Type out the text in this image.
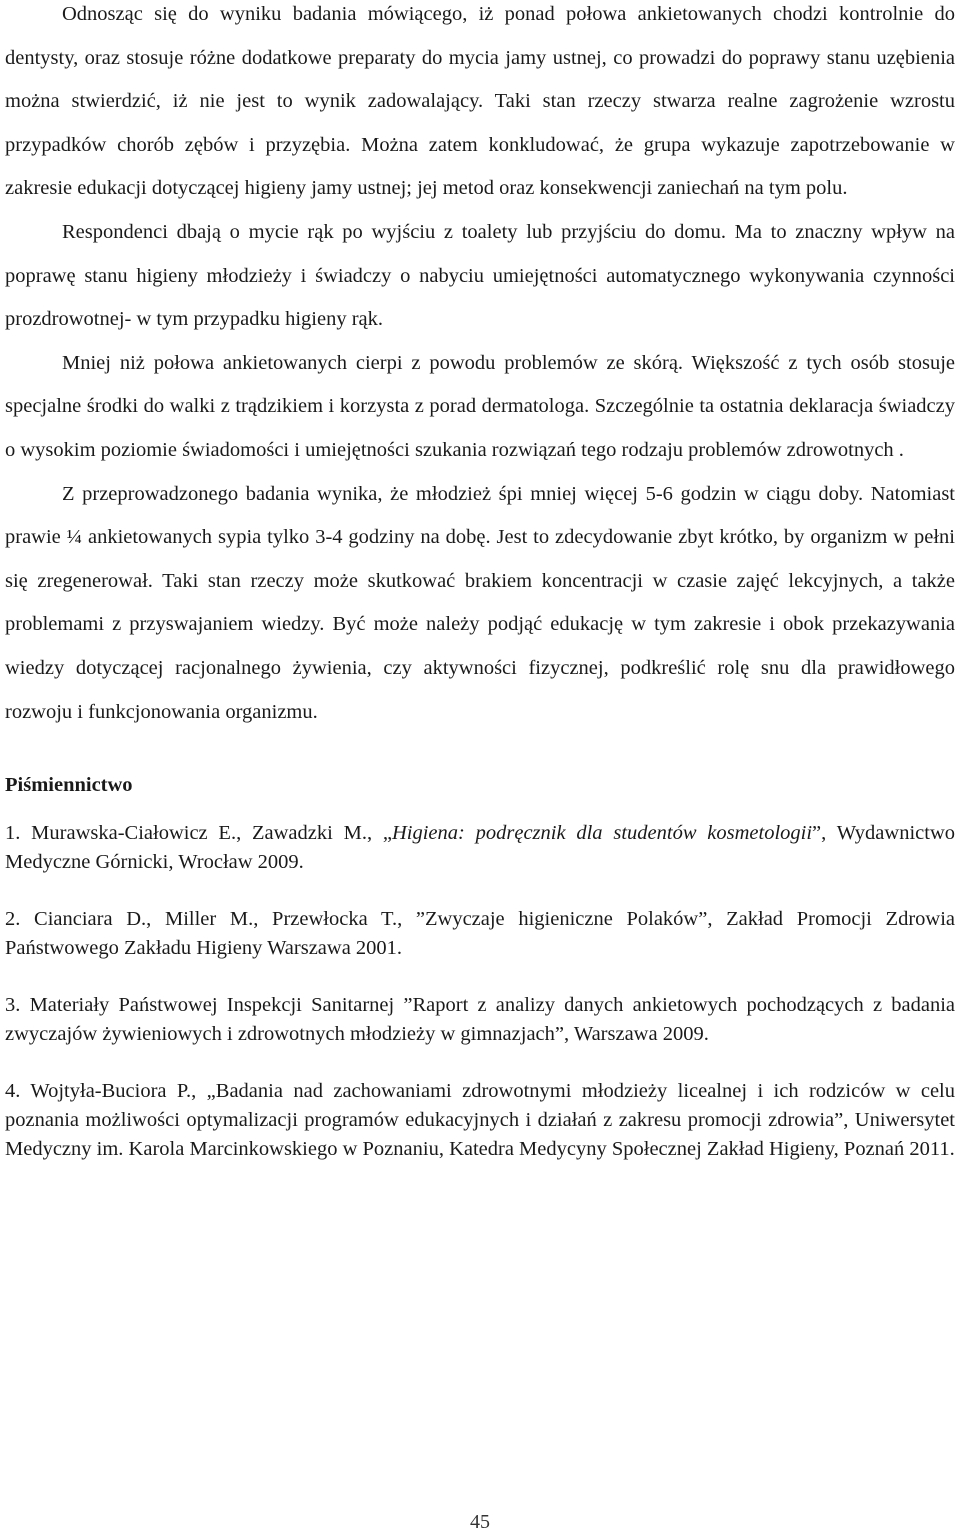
Odnosząc się do wyniku badania mówiącego, iż ponad połowa ankietowanych chodzi kontrolnie do dentysty, oraz stosuje różne dodatkowe preparaty do mycia jamy ustnej, co prowadzi do poprawy stanu uzębienia można stwierdzić, iż nie jest to wynik zadowalający. Taki stan rzeczy stwarza realne zagrożenie wzrostu przypadków chorób zębów i przyzębia. Można zatem konkludować, że grupa wykazuje zapotrzebowanie w zakresie edukacji dotyczącej higieny jamy ustnej; jej metod oraz konsekwencji zaniechań na tym polu.

Respondenci dbają o mycie rąk po wyjściu z toalety lub przyjściu do domu. Ma to znaczny wpływ na poprawę stanu higieny młodzieży i świadczy o nabyciu umiejętności automatycznego wykonywania czynności prozdrowotnej- w tym przypadku higieny rąk.

Mniej niż połowa ankietowanych cierpi z powodu problemów ze skórą. Większość z tych osób stosuje specjalne środki do walki z trądzikiem i korzysta z porad dermatologa. Szczególnie ta ostatnia deklaracja świadczy o wysokim poziomie świadomości i umiejętności szukania rozwiązań tego rodzaju problemów zdrowotnych .

Z przeprowadzonego badania wynika, że młodzież śpi mniej więcej 5-6 godzin w ciągu doby. Natomiast prawie ¼ ankietowanych sypia tylko 3-4 godziny na dobę. Jest to zdecydowanie zbyt krótko, by organizm w pełni się zregenerował. Taki stan rzeczy może skutkować brakiem koncentracji w czasie zajęć lekcyjnych, a także problemami z przyswajaniem wiedzy. Być może należy podjąć edukację w tym zakresie i obok przekazywania wiedzy dotyczącej racjonalnego żywienia, czy aktywności fizycznej, podkreślić rolę snu dla prawidłowego rozwoju i funkcjonowania organizmu.

Piśmiennictwo

1. Murawska-Ciałowicz E., Zawadzki M., „Higiena: podręcznik dla studentów kosmetologii”, Wydawnictwo Medyczne Górnicki, Wrocław 2009.

2. Cianciara D., Miller M., Przewłocka T., ”Zwyczaje higieniczne Polaków”, Zakład Promocji Zdrowia Państwowego Zakładu Higieny Warszawa 2001.

3. Materiały Państwowej Inspekcji Sanitarnej ”Raport z analizy danych ankietowych pochodzących z badania zwyczajów żywieniowych i zdrowotnych młodzieży w gimnazjach”, Warszawa 2009.

4. Wojtyła-Buciora P., „Badania nad zachowaniami zdrowotnymi młodzieży licealnej i ich rodziców w celu poznania możliwości optymalizacji programów edukacyjnych i działań z zakresu promocji zdrowia”, Uniwersytet Medyczny im. Karola Marcinkowskiego w Poznaniu, Katedra Medycyny Społecznej Zakład Higieny, Poznań 2011.

45
